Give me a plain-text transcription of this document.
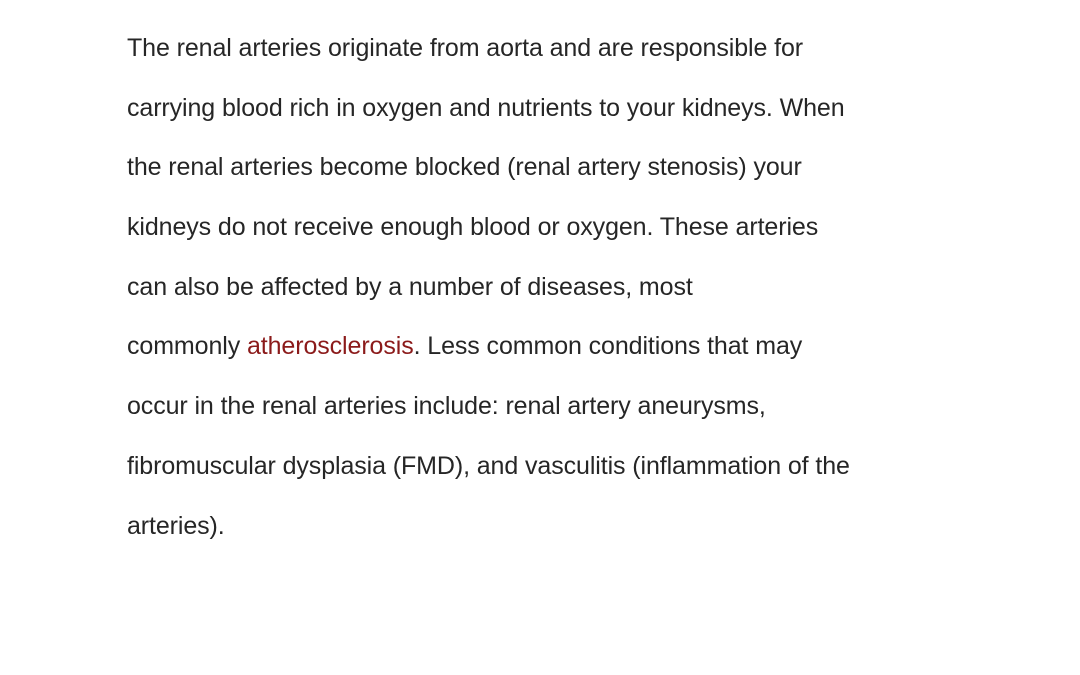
The renal arteries originate from aorta and are responsible for
carrying blood rich in oxygen and nutrients to your kidneys. When
the renal arteries become blocked (renal artery stenosis) your
kidneys do not receive enough blood or oxygen. These arteries
can also be affected by a number of diseases, most
commonly atherosclerosis. Less common conditions that may
occur in the renal arteries include: renal artery aneurysms,
fibromuscular dysplasia (FMD), and vasculitis (inflammation of the
arteries).
